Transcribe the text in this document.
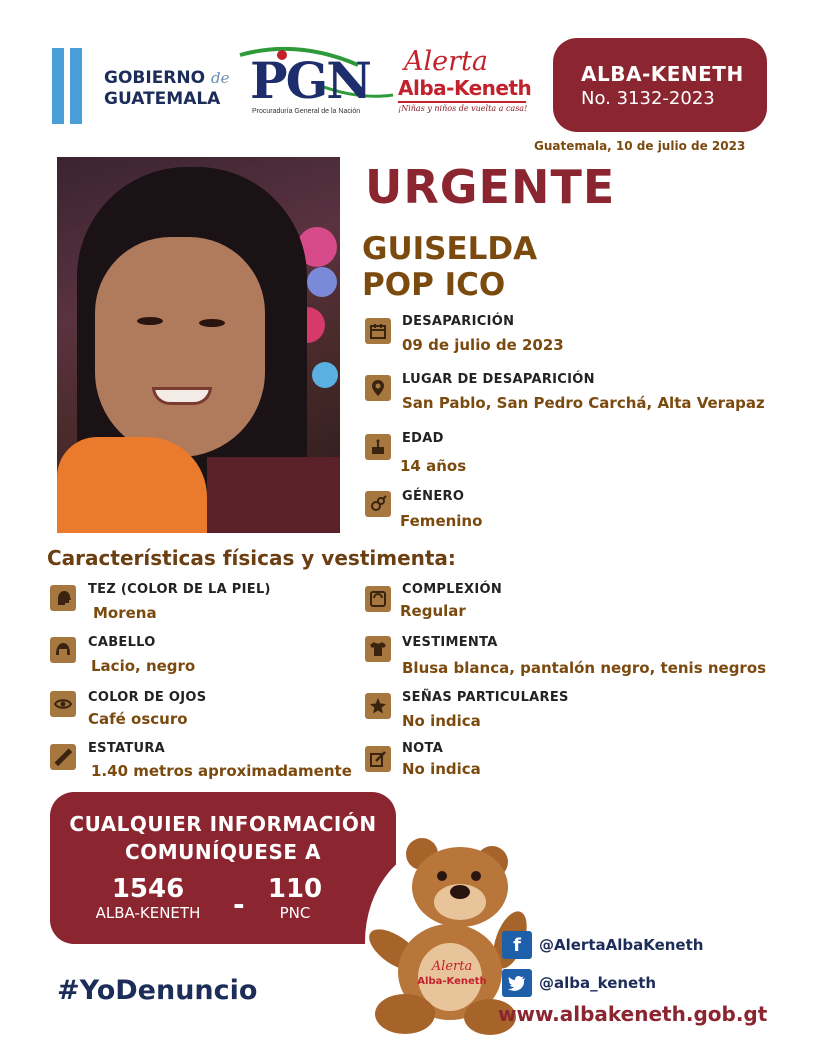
GOBIERNO de
GUATEMALA PGN
Procuraduría General de la Nación
Alerta
Alba-Keneth
¡Niñas y niños de vuelta a casa!
ALBA-KENETH
No. 3132-2023
Guatemala, 10 de julio de 2023
URGENTE
GUISELDA
POP ICO
DESAPARICIÓN
09 de julio de 2023
LUGAR DE DESAPARICIÓN
San Pablo, San Pedro Carchá, Alta Verapaz
EDAD
14 años
GÉNERO
Femenino
Características físicas y vestimenta:
TEZ (COLOR DE LA PIEL)
Morena
CABELLO
Lacio, negro
COLOR DE OJOS
Café oscuro
ESTATURA
1.40 metros aproximadamente
COMPLEXIÓN
Regular
VESTIMENTA
Blusa blanca, pantalón negro, tenis negros
SEÑAS PARTICULARES
No indica
NOTA
No indica
CUALQUIER INFORMACIÓN
COMUNÍQUESE A
1546
ALBA-KENETH	- 110
PNC
Alerta
Alba-Keneth
#YoDenuncio
f	@AlertaAlbaKeneth
@alba_keneth
www.albakeneth.gob.gt
